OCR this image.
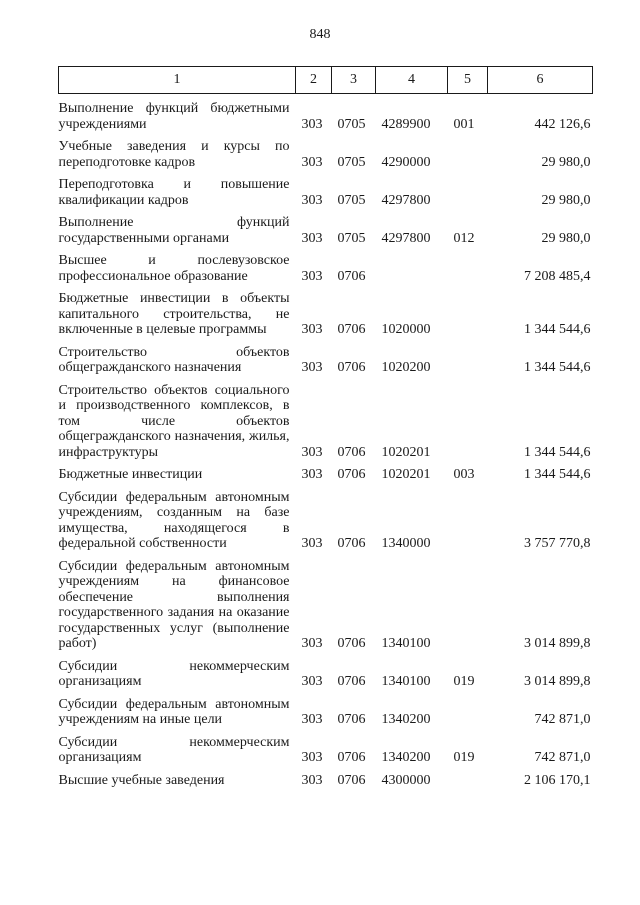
848
1	2	3	4	5	6
Выполнение функций бюджетными учреждениями	303	0705	4289900	001	442 126,6
Учебные заведения и курсы по переподготовке кадров	303	0705	4290000		29 980,0
Переподготовка и повышение квалификации кадров	303	0705	4297800		29 980,0
Выполнение функций государственными органами	303	0705	4297800	012	29 980,0
Высшее и послевузовское профессиональное образование	303	0706			7 208 485,4
Бюджетные инвестиции в объекты капитального строительства, не включенные в целевые программы	303	0706	1020000		1 344 544,6
Строительство объектов общегражданского назначения	303	0706	1020200		1 344 544,6
Строительство объектов социального и производственного комплексов, в том числе объектов общегражданского назначения, жилья, инфраструктуры	303	0706	1020201		1 344 544,6
Бюджетные инвестиции	303	0706	1020201	003	1 344 544,6
Субсидии федеральным автономным учреждениям, созданным на базе имущества, находящегося в федеральной собственности	303	0706	1340000		3 757 770,8
Субсидии федеральным автономным учреждениям на финансовое обеспечение выполнения государственного задания на оказание государственных услуг (выполнение работ)	303	0706	1340100		3 014 899,8
Субсидии некоммерческим организациям	303	0706	1340100	019	3 014 899,8
Субсидии федеральным автономным учреждениям на иные цели	303	0706	1340200		742 871,0
Субсидии некоммерческим организациям	303	0706	1340200	019	742 871,0
Высшие учебные заведения	303	0706	4300000		2 106 170,1
